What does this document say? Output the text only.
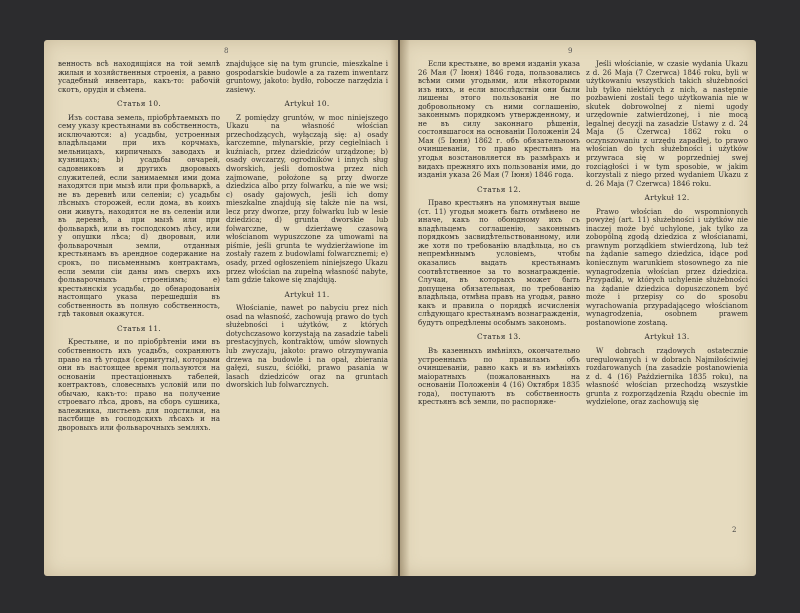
8

венность всѣ находящiяся на той землѣ жилыя и хозяйственныя строенiя, а равно усадебный инвентарь, какъ-то: рабочiй скотъ, орудiя и сѣмена.

Статья 10.

Изъ состава земель, прiобрѣтаемыхъ по сему указу крестьянами въ собственность, исключаются: а) усадьбы, устроенныя владѣльцами при ихъ корчмахъ, мельницахъ, кирпичныхъ заводахъ и кузницахъ; b) усадьбы овчарей, садовниковъ и другихъ дворовыхъ служителей, если занимаемыя ими дома находятся при мызѣ или при фольваркѣ, а не въ деревнѣ или селенiи; с) усадьбы лѣсныхъ сторожей, если дома, въ коихъ они живутъ, находятся не въ селенiи или въ деревнѣ, а при мызѣ или при фольваркѣ, или въ господскомъ лѣсу, или у опушки лѣса; d) дворовыя, или фольварочныя земли, отданныя крестьянамъ въ арендное содержание на срокъ, по письменнымъ контрактамъ, если земли сiи даны имъ сверхъ ихъ фольварочныхъ строенiямъ; е) крестьянскiя усадьбы, до обнародованiя настоящаго указа перешедшiя въ собственность въ полную собственность, гдѣ таковыя окажутся.

Статья 11.

Крестьяне, и по прiобрѣтенiи ими въ собственность ихъ усадьбъ, сохраняютъ право на тѣ угодья (сервитуты), которыми они въ настоящее время пользуются на основанiи престацiонныхъ табелей, контрактовъ, словесныхъ условiй или по обычаю, какъ-то: право на получение строеваго лѣса, дровъ, на сборъ сушника, валежника, листьевъ для подстилки, на пастбище въ господскихъ лѣсахъ и на дворовыхъ или фольварочныхъ земляхъ.

znajdujące się na tym gruncie, mieszkalne i gospodarskie budowle a za razem inwentarz gruntowy, jakoto: bydło, roboczе narzędzia i zasiewy.

Artykuł 10.

Z pomiędzy gruntów, w moc niniejszego Ukazu na własność włościan przechodzących, wyłączają się: a) osady karczemne, młynarskie, przy cegielniach i kuźniach, przez dziedziców urządzone; b) osady owczarzy, ogrodników i innych sług dworskich, jeśli domostwa przez nich zajmowane, położone są przy dworze dziedzica albo przy folwarku, a nie we wsi; c) osady gajowych, jeśli ich domy mieszkalne znajdują się także nie na wsi, lecz przy dworze, przy folwarku lub w lesie dziedzica; d) grunta dworskie lub folwarczne, w dzierżawę czasową włościanom wypuszczone za umowami na piśmie, jeśli grunta te wydzierżawione im zostały razem z budowlami folwarcznemi; e) osady, przed ogłoszeniem niniejszego Ukazu przez włościan na zupełną własność nabyte, tam gdzie takowe się znajdują.

Artykuł 11.

Włościanie, nawet po nabyciu prez nich osad na własność, zachowują prawo do tych służebności i użytków, z których dotychczasowo korzystają na zasadzie tabeli prestacyjnych, kontraktów, umów słownych lub zwyczaju, jakoto: prawo otrzymywania drzewa na budowle i na opał, zbierania gałęzi, suszu, ściółki, prawo pasania w lasach dziedziców oraz na gruntach dworskich lub folwarcznych.

9

Если крестьяне, во время изданiя указа 26 Мая (7 Iюня) 1846 года, пользовались всѣми сими угодьями, или нѣкоторыми изъ нихъ, и если впослѣдствiи они были лишены этого пользованiя не по добровольному съ ними соглашенiю, законнымъ порядкомъ утвержденному, и не въ силу законнаго рѣшенiя, состоявшагося на основанiи Положенiя 24 Мая (5 Iюня) 1862 г. объ обязательномъ очиншеванiи, то право крестьянъ на угодья возстановляется въ размѣрахъ и видахъ прежняго ихъ пользованiя ими, до изданiя указа 26 Мая (7 Iюня) 1846 года.

Статья 12.

Право крестьянъ на упомянутыя выше (ст. 11) угодья можетъ быть отмѣнено не иначе, какъ по обоюдному ихъ съ владѣльцемъ соглашенiю, законнымъ порядкомъ засвидѣтельствованному, или же хотя по требованiю владѣльца, но съ непремѣннымъ условiемъ, чтобы оказались выдать крестьянамъ соотвѣтственное за то вознагражденiе. Случаи, въ которыхъ может быть допущена обязательная, по требованiю владѣльца, отмѣна правъ на угодья, равно какъ и правила о порядкѣ исчисленiя слѣдующаго крестьянамъ вознагражденiя, будутъ опредѣлены особымъ закономъ.

Статья 13.

Въ казенныхъ имѣнiяхъ, окончательно устроенныхъ по правиламъ объ очиншеванiи, равно какъ и въ имѣнiяхъ маiоратныхъ (пожалованныхъ на основанiи Положенiя 4 (16) Октября 1835 года), поступаютъ въ собственность крестьянъ всѣ земли, по распоряже-

Jeśli włościanie, w czasie wydania Ukazu z d. 26 Maja (7 Czerwca) 1846 roku, byli w użytkowaniu wszystkich takich służebności lub tylko niektórych z nich, a następnie pozbawieni zostali tego użytkowania nie w skutek dobrowolnej z niemi ugody urzędownie zatwierdzonej, i nie mocą legalnej decyzji na zasadzie Ustawy z d. 24 Maja (5 Czerwca) 1862 roku o oczynszowaniu z urzędu zapadłej, to prawo włościan do tych służebności i użytków przywraca się w poprzedniej swej rozciągłości i w tym sposobie, w jakim korzystali z niego przed wydaniem Ukazu z d. 26 Maja (7 Czerwca) 1846 roku.

Artykuł 12.

Prawo włościan do wspomnionych powyżej (art. 11) służebności i użytków nie inaczej może być uchylone, jak tylko za zobopólną zgodą dziedzica z włościanami, prawnym porządkiem stwierdzoną, lub też na żądanie samego dziedzica, idące pod koniecznym warunkiem stosownego za nie wynagrodzenia włościan przez dziedzica. Przypadki, w których uchylenie służebności na żądanie dziedzica dopuszczonem być może i przepisy co do sposobu wyrachowania przypadającego włościanom wynagrodzenia, osobnem prawem postanowione zostaną.

Artykuł 13.

W dobrach rządowych ostatecznie uregulowanych i w dobrach Najmiłościwiej rozdarowanych (na zasadzie postanowienia z d. 4 (16) Października 1835 roku), na własność włościan przechodzą wszystkie grunta z rozporządzenia Rządu obecnie im wydzielone, oraz zachowują się

2
